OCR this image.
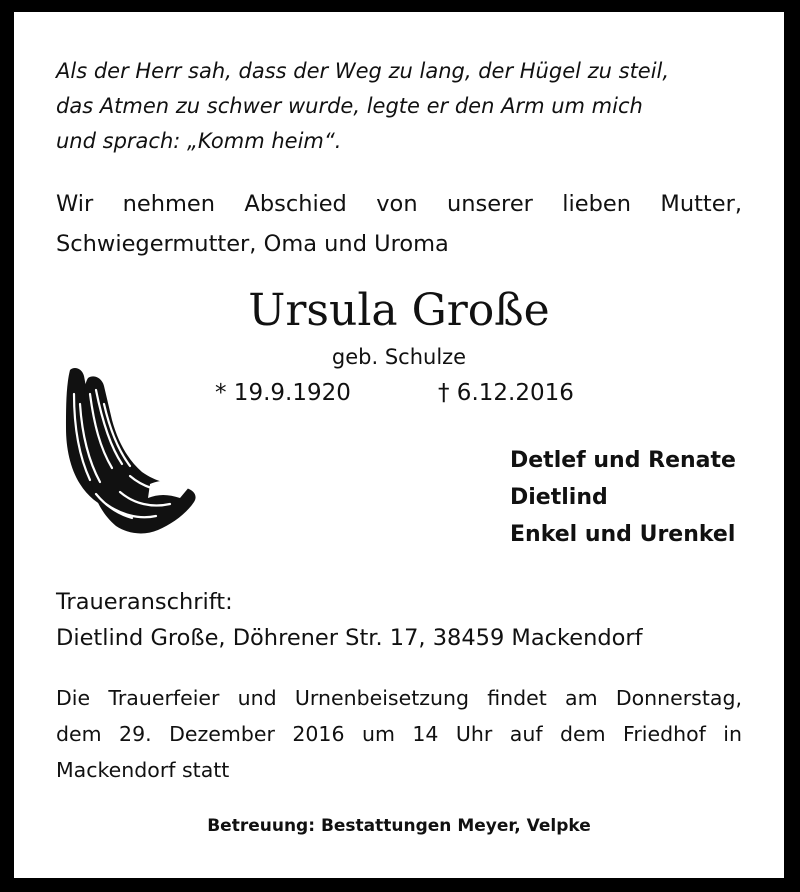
Als der Herr sah, dass der Weg zu lang, der Hügel zu steil,
das Atmen zu schwer wurde, legte er den Arm um mich
und sprach: „Komm heim“.
Wir nehmen Abschied von unserer lieben Mutter,
Schwiegermutter, Oma und Uroma
Ursula Große
geb. Schulze
* 19.9.1920	† 6.12.2016
Detlef und Renate
Dietlind
Enkel und Urenkel
Traueranschrift:
Dietlind Große, Döhrener Str. 17, 38459 Mackendorf
Die Trauerfeier und Urnenbeisetzung findet am Donnerstag,
dem 29. Dezember 2016 um 14 Uhr auf dem Friedhof in
Mackendorf statt
Betreuung: Bestattungen Meyer, Velpke
